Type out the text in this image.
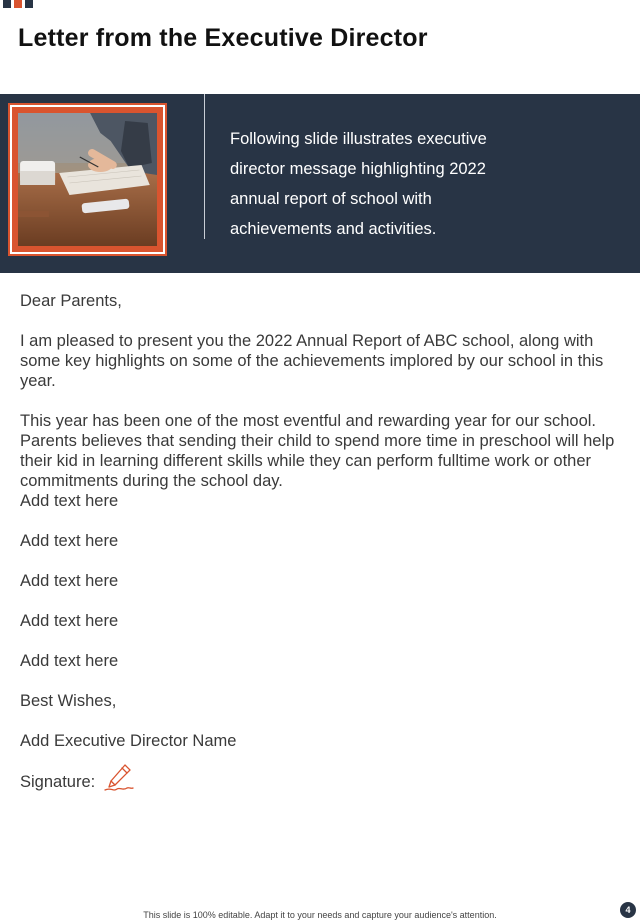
Letter from the Executive Director
Following slide illustrates executive director message highlighting 2022 annual report of school with achievements and activities.

Dear Parents,

I am pleased to present you the 2022 Annual Report of ABC school, along with some key highlights on some of the achievements implored by our school in this year.

This year has been one of the most eventful and rewarding year for our school. Parents believes that sending their child to spend more time in preschool will help their kid in learning different skills while they can perform fulltime work or other commitments during the school day.

Add text here

Add text here

Add text here

Add text here

Add text here

Best Wishes,

Add Executive Director Name

Signature:
This slide is 100% editable. Adapt it to your needs and capture your audience's attention.	4
